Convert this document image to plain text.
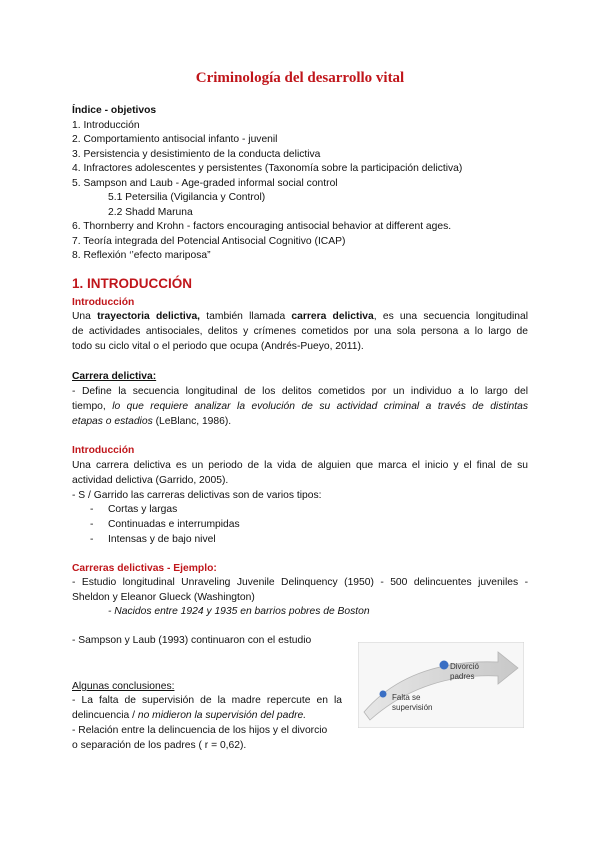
Criminología del desarrollo vital
Índice - objetivos
1. Introducción
2. Comportamiento antisocial infanto - juvenil
3. Persistencia y desistimiento de la conducta delictiva
4. Infractores adolescentes y persistentes (Taxonomía sobre la participación delictiva)
5. Sampson and Laub - Age-graded informal social control
5.1 Petersilia (Vigilancia y Control)
2.2 Shadd Maruna
6. Thornberry and Krohn - factors encouraging antisocial behavior at different ages.
7. Teoría integrada del Potencial Antisocial Cognitivo (ICAP)
8. Reflexión ‘’efecto mariposa”
1. INTRODUCCIÓN
Introducción
Una trayectoria delictiva, también llamada carrera delictiva, es una secuencia longitudinal
de actividades antisociales, delitos y crímenes cometidos por una sola persona a lo largo de
todo su ciclo vital o el periodo que ocupa (Andrés-Pueyo, 2011).
Carrera delictiva:
- Define la secuencia longitudinal de los delitos cometidos por un individuo a lo largo del
tiempo, lo que requiere analizar la evolución de su actividad criminal a través de distintas
etapas o estadios (LeBlanc, 1986).
Introducción
Una carrera delictiva es un periodo de la vida de alguien que marca el inicio y el final de su
actividad delictiva (Garrido, 2005).
- S / Garrido las carreras delictivas son de varios tipos:
- Cortas y largas
- Continuadas e interrumpidas
- Intensas y de bajo nivel
Carreras delictivas - Ejemplo:
- Estudio longitudinal Unraveling Juvenile Delinquency (1950) - 500 delincuentes juveniles -
Sheldon y Eleanor Glueck (Washington)
- Nacidos entre 1924 y 1935 en barrios pobres de Boston
- Sampson y Laub (1993) continuaron con el estudio
Algunas conclusiones:
- La falta de supervisión de la madre repercute en la
delincuencia / no midieron la supervisión del padre.
- Relación entre la delincuencia de los hijos y el divorcio
o separación de los padres ( r = 0,62).
Falta se
supervisión
Divorció
padres
